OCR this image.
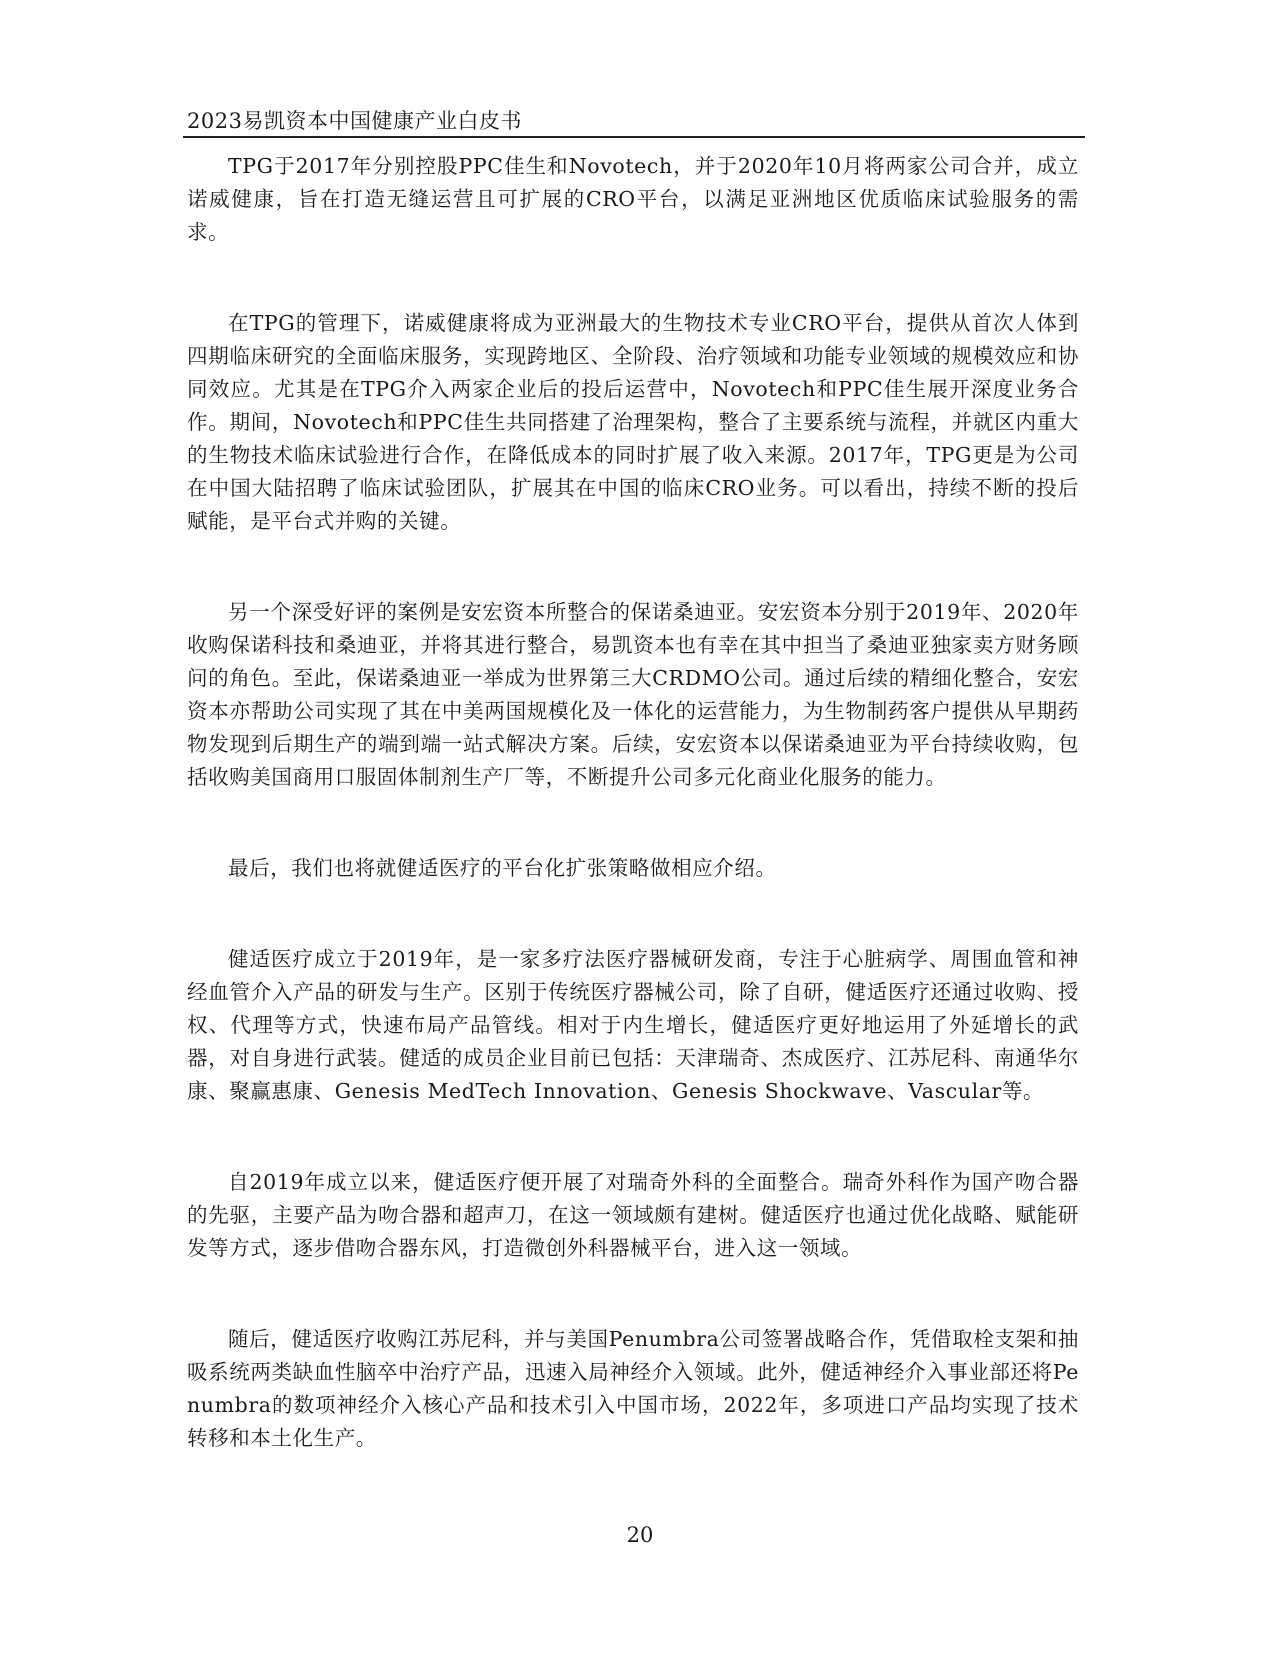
2023易凯资本中国健康产业白皮书

TPG于2017年分别控股PPC佳生和Novotech，并于2020年10月将两家公司合并，成立诺威健康，旨在打造无缝运营且可扩展的CRO平台，以满足亚洲地区优质临床试验服务的需求。

在TPG的管理下，诺威健康将成为亚洲最大的生物技术专业CRO平台，提供从首次人体到四期临床研究的全面临床服务，实现跨地区、全阶段、治疗领域和功能专业领域的规模效应和协同效应。尤其是在TPG介入两家企业后的投后运营中，Novotech和PPC佳生展开深度业务合作。期间，Novotech和PPC佳生共同搭建了治理架构，整合了主要系统与流程，并就区内重大的生物技术临床试验进行合作，在降低成本的同时扩展了收入来源。2017年，TPG更是为公司在中国大陆招聘了临床试验团队，扩展其在中国的临床CRO业务。可以看出，持续不断的投后赋能，是平台式并购的关键。

另一个深受好评的案例是安宏资本所整合的保诺桑迪亚。安宏资本分别于2019年、2020年收购保诺科技和桑迪亚，并将其进行整合，易凯资本也有幸在其中担当了桑迪亚独家卖方财务顾问的角色。至此，保诺桑迪亚一举成为世界第三大CRDMO公司。通过后续的精细化整合，安宏资本亦帮助公司实现了其在中美两国规模化及一体化的运营能力，为生物制药客户提供从早期药物发现到后期生产的端到端一站式解决方案。后续，安宏资本以保诺桑迪亚为平台持续收购，包括收购美国商用口服固体制剂生产厂等，不断提升公司多元化商业化服务的能力。

最后，我们也将就健适医疗的平台化扩张策略做相应介绍。

健适医疗成立于2019年，是一家多疗法医疗器械研发商，专注于心脏病学、周围血管和神经血管介入产品的研发与生产。区别于传统医疗器械公司，除了自研，健适医疗还通过收购、授权、代理等方式，快速布局产品管线。相对于内生增长，健适医疗更好地运用了外延增长的武器，对自身进行武装。健适的成员企业目前已包括：天津瑞奇、杰成医疗、江苏尼科、南通华尔康、聚赢惠康、Genesis MedTech Innovation、Genesis Shockwave、Vascular等。

自2019年成立以来，健适医疗便开展了对瑞奇外科的全面整合。瑞奇外科作为国产吻合器的先驱，主要产品为吻合器和超声刀，在这一领域颇有建树。健适医疗也通过优化战略、赋能研发等方式，逐步借吻合器东风，打造微创外科器械平台，进入这一领域。

随后，健适医疗收购江苏尼科，并与美国Penumbra公司签署战略合作，凭借取栓支架和抽吸系统两类缺血性脑卒中治疗产品，迅速入局神经介入领域。此外，健适神经介入事业部还将Penumbra的数项神经介入核心产品和技术引入中国市场，2022年，多项进口产品均实现了技术转移和本土化生产。

20
